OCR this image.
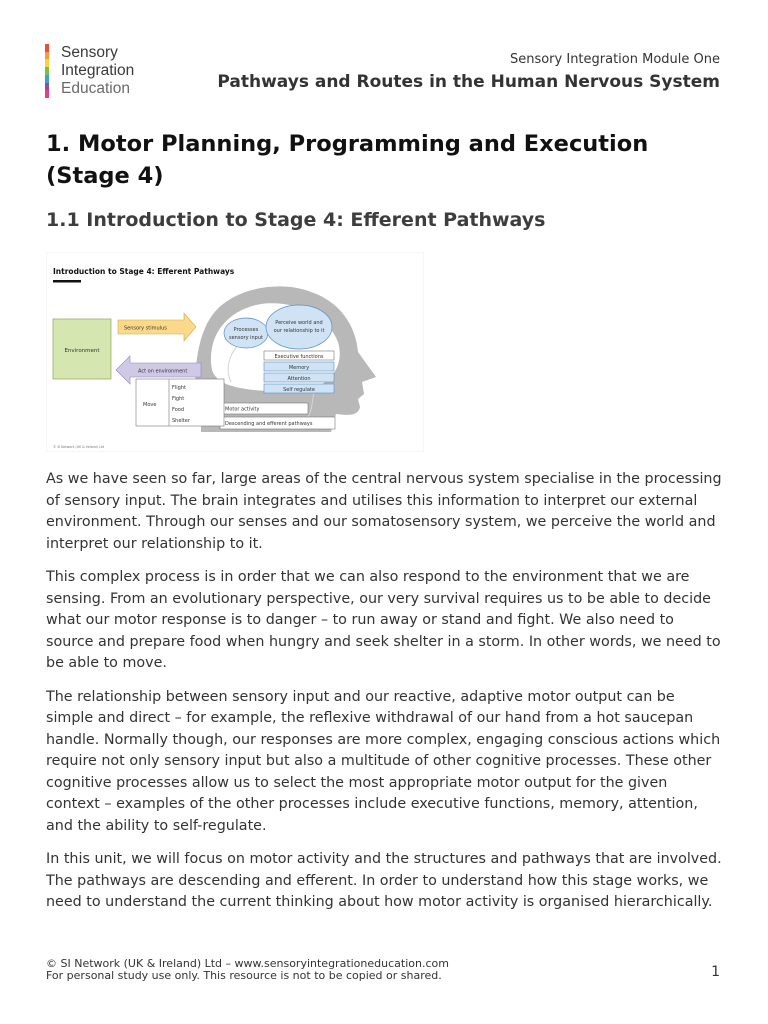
Sensory
Integration
Education
Sensory Integration Module One
Pathways and Routes in the Human Nervous System
1. Motor Planning, Programming and Execution (Stage 4)
1.1 Introduction to Stage 4: Efferent Pathways
Introduction to Stage 4: Efferent Pathways
Processes
sensory input
Perceive world and
our relationship to it
Executive functions
Memory
Attention
Self regulate
Motor activity
Descending and efferent pathways
Environment
Sensory stimulus
Act on environment
Move
Flight
Fight
Food
Shelter
© SI Network (UK & Ireland) Ltd

As we have seen so far, large areas of the central nervous system specialise in the processing of sensory input. The brain integrates and utilises this information to interpret our external environment. Through our senses and our somatosensory system, we perceive the world and interpret our relationship to it.

This complex process is in order that we can also respond to the environment that we are sensing. From an evolutionary perspective, our very survival requires us to be able to decide what our motor response is to danger – to run away or stand and fight. We also need to source and prepare food when hungry and seek shelter in a storm. In other words, we need to be able to move.

The relationship between sensory input and our reactive, adaptive motor output can be simple and direct – for example, the reflexive withdrawal of our hand from a hot saucepan handle. Normally though, our responses are more complex, engaging conscious actions which require not only sensory input but also a multitude of other cognitive processes. These other cognitive processes allow us to select the most appropriate motor output for the given context – examples of the other processes include executive functions, memory, attention, and the ability to self-regulate.

In this unit, we will focus on motor activity and the structures and pathways that are involved. The pathways are descending and efferent. In order to understand how this stage works, we need to understand the current thinking about how motor activity is organised hierarchically.

© SI Network (UK & Ireland) Ltd – www.sensoryintegrationeducation.com
For personal study use only. This resource is not to be copied or shared.	1
